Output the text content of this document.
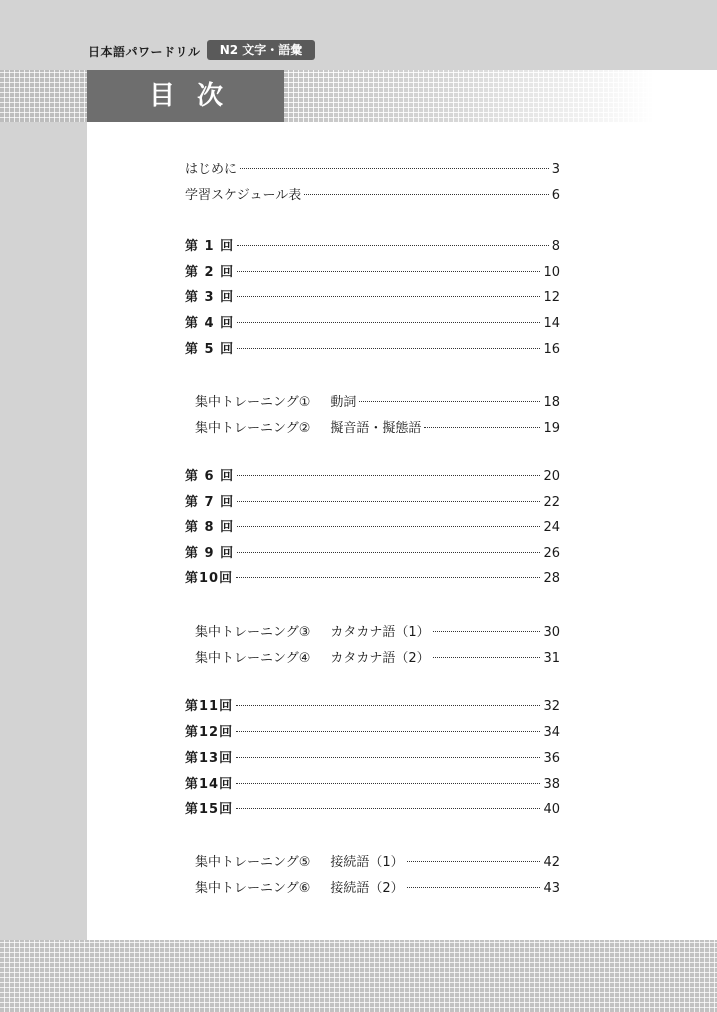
日本語パワードリル	N2 文字・語彙
目次
はじめに	3
学習スケジュール表	6
第 1 回	8
第 2 回	10
第 3 回	12
第 4 回	14
第 5 回	16
集中トレーニング① 動詞	18
集中トレーニング② 擬音語・擬態語	19
第 6 回	20
第 7 回	22
第 8 回	24
第 9 回	26
第10回	28
集中トレーニング③ カタカナ語（1）	30
集中トレーニング④ カタカナ語（2）	31
第11回	32
第12回	34
第13回	36
第14回	38
第15回	40
集中トレーニング⑤ 接続語（1）	42
集中トレーニング⑥ 接続語（2）	43
